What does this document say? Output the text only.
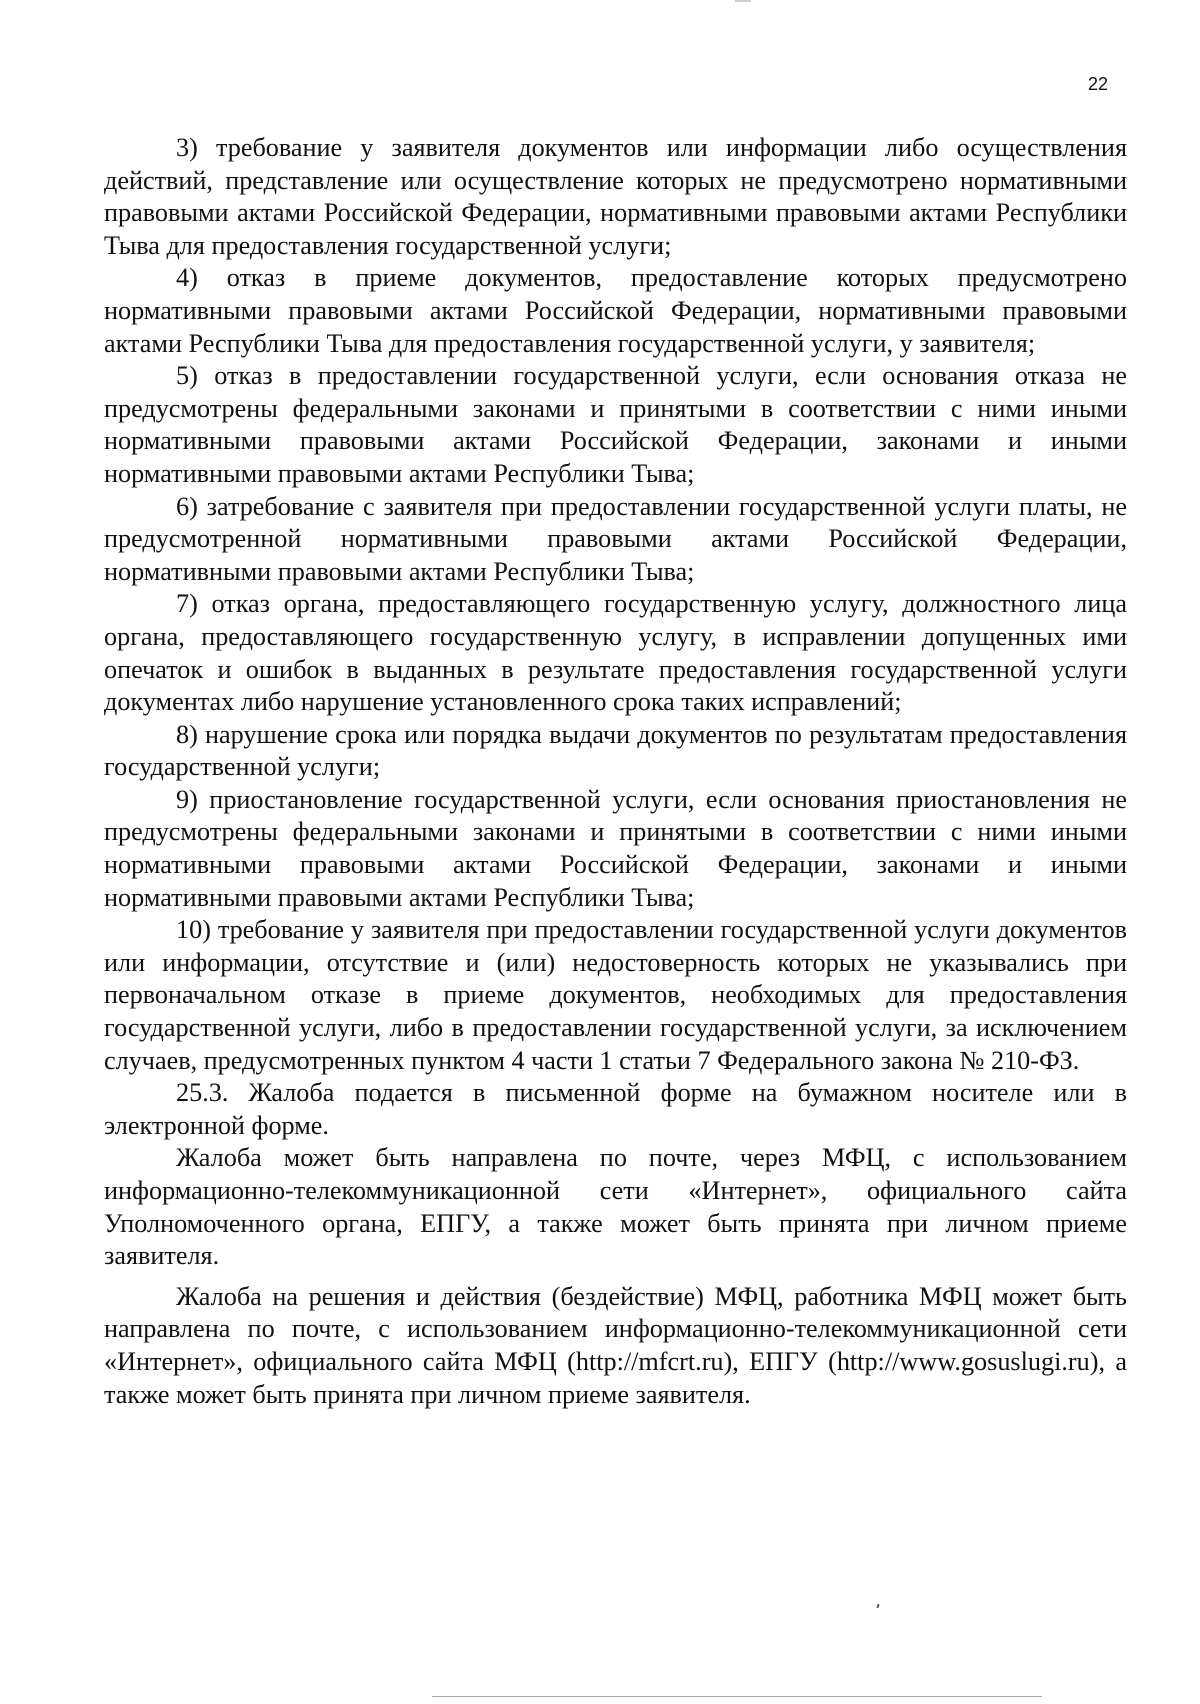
22

3) требование у заявителя документов или информации либо осуществления действий, представление или осуществление которых не предусмотрено нормативными правовыми актами Российской Федерации, нормативными правовыми актами Республики Тыва для предоставления государственной услуги;

4) отказ в приеме документов, предоставление которых предусмотрено нормативными правовыми актами Российской Федерации, нормативными правовыми актами Республики Тыва для предоставления государственной услуги, у заявителя;

5) отказ в предоставлении государственной услуги, если основания отказа не предусмотрены федеральными законами и принятыми в соответствии с ними иными нормативными правовыми актами Российской Федерации, законами и иными нормативными правовыми актами Республики Тыва;

6) затребование с заявителя при предоставлении государственной услуги платы, не предусмотренной нормативными правовыми актами Российской Федерации, нормативными правовыми актами Республики Тыва;

7) отказ органа, предоставляющего государственную услугу, должностного лица органа, предоставляющего государственную услугу, в исправлении допущенных ими опечаток и ошибок в выданных в результате предоставления государственной услуги документах либо нарушение установленного срока таких исправлений;

8) нарушение срока или порядка выдачи документов по результатам предоставления государственной услуги;

9) приостановление государственной услуги, если основания приостановления не предусмотрены федеральными законами и принятыми в соответствии с ними иными нормативными правовыми актами Российской Федерации, законами и иными нормативными правовыми актами Республики Тыва;

10) требование у заявителя при предоставлении государственной услуги документов или информации, отсутствие и (или) недостоверность которых не указывались при первоначальном отказе в приеме документов, необходимых для предоставления государственной услуги, либо в предоставлении государственной услуги, за исключением случаев, предусмотренных пунктом 4 части 1 статьи 7 Федерального закона № 210-ФЗ.

25.3. Жалоба подается в письменной форме на бумажном носителе или в электронной форме.

Жалоба может быть направлена по почте, через МФЦ, с использованием информационно-телекоммуникационной сети «Интернет», официального сайта Уполномоченного органа, ЕПГУ, а также может быть принята при личном приеме заявителя.

Жалоба на решения и действия (бездействие) МФЦ, работника МФЦ может быть направлена по почте, с использованием информационно-телекоммуникационной сети «Интернет», официального сайта МФЦ (http://mfcrt.ru), ЕПГУ (http://www.gosuslugi.ru), а также может быть принята при личном приеме заявителя.
